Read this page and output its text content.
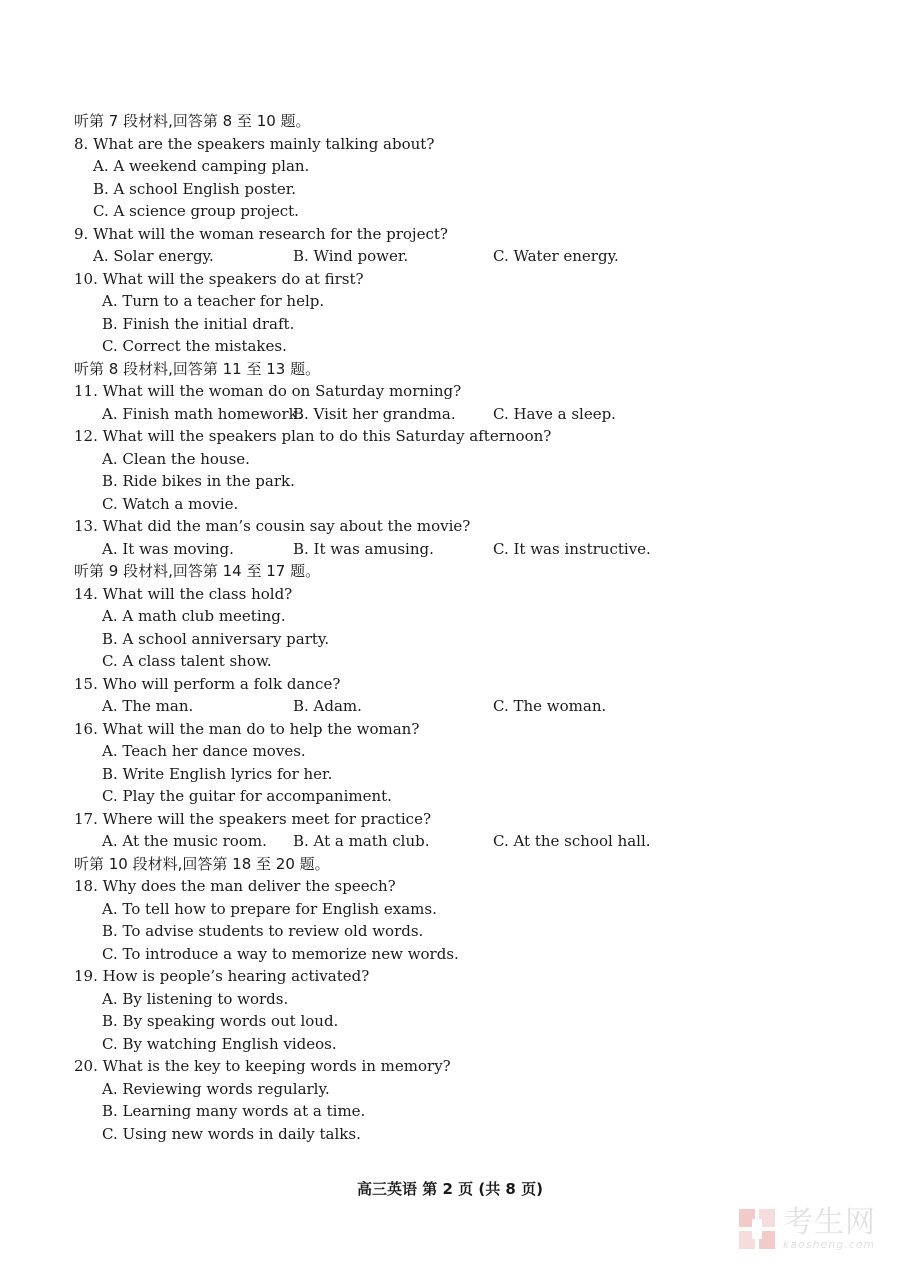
听第 7 段材料,回答第 8 至 10 题。
8. What are the speakers mainly talking about?
A. A weekend camping plan.
B. A school English poster.
C. A science group project.
9. What will the woman research for the project?
A. Solar energy.	B. Wind power.	C. Water energy.
10. What will the speakers do at first?
A. Turn to a teacher for help.
B. Finish the initial draft.
C. Correct the mistakes.
听第 8 段材料,回答第 11 至 13 题。
11. What will the woman do on Saturday morning?
A. Finish math homework.
B. Visit her grandma. C. Have a sleep.
12. What will the speakers plan to do this Saturday afternoon?
A. Clean the house.
B. Ride bikes in the park.
C. Watch a movie.
13. What did the man’s cousin say about the movie?
A. It was moving.	B. It was amusing.	C. It was instructive.
听第 9 段材料,回答第 14 至 17 题。
14. What will the class hold?
A. A math club meeting.
B. A school anniversary party.
C. A class talent show.
15. Who will perform a folk dance?
A. The man.	B. Adam.	C. The woman.
16. What will the man do to help the woman?
A. Teach her dance moves.
B. Write English lyrics for her.
C. Play the guitar for accompaniment.
17. Where will the speakers meet for practice?
A. At the music room. B. At a math club.	C. At the school hall.
听第 10 段材料,回答第 18 至 20 题。
18. Why does the man deliver the speech?
A. To tell how to prepare for English exams.
B. To advise students to review old words.
C. To introduce a way to memorize new words.
19. How is people’s hearing activated?
A. By listening to words.
B. By speaking words out loud.
C. By watching English videos.
20. What is the key to keeping words in memory?
A. Reviewing words regularly.
B. Learning many words at a time.
C. Using new words in daily talks.
高三英语 第 2 页 (共 8 页)
考生网
kaosheng.com
